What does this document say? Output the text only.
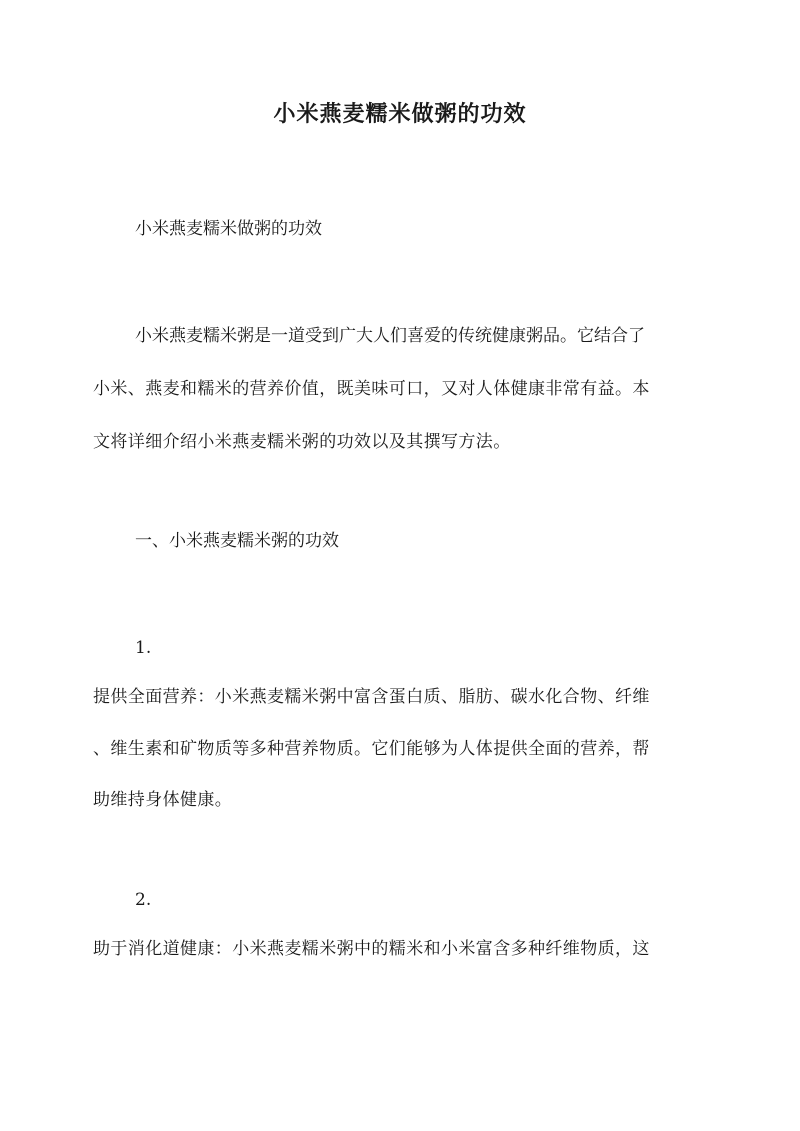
小米燕麦糯米做粥的功效
小米燕麦糯米做粥的功效
小米燕麦糯米粥是一道受到广大人们喜爱的传统健康粥品。它结合了
小米、燕麦和糯米的营养价值，既美味可口，又对人体健康非常有益。本
文将详细介绍小米燕麦糯米粥的功效以及其撰写方法。
一、小米燕麦糯米粥的功效
1.
提供全面营养：小米燕麦糯米粥中富含蛋白质、脂肪、碳水化合物、纤维
、维生素和矿物质等多种营养物质。它们能够为人体提供全面的营养，帮
助维持身体健康。
2.
助于消化道健康：小米燕麦糯米粥中的糯米和小米富含多种纤维物质，这
